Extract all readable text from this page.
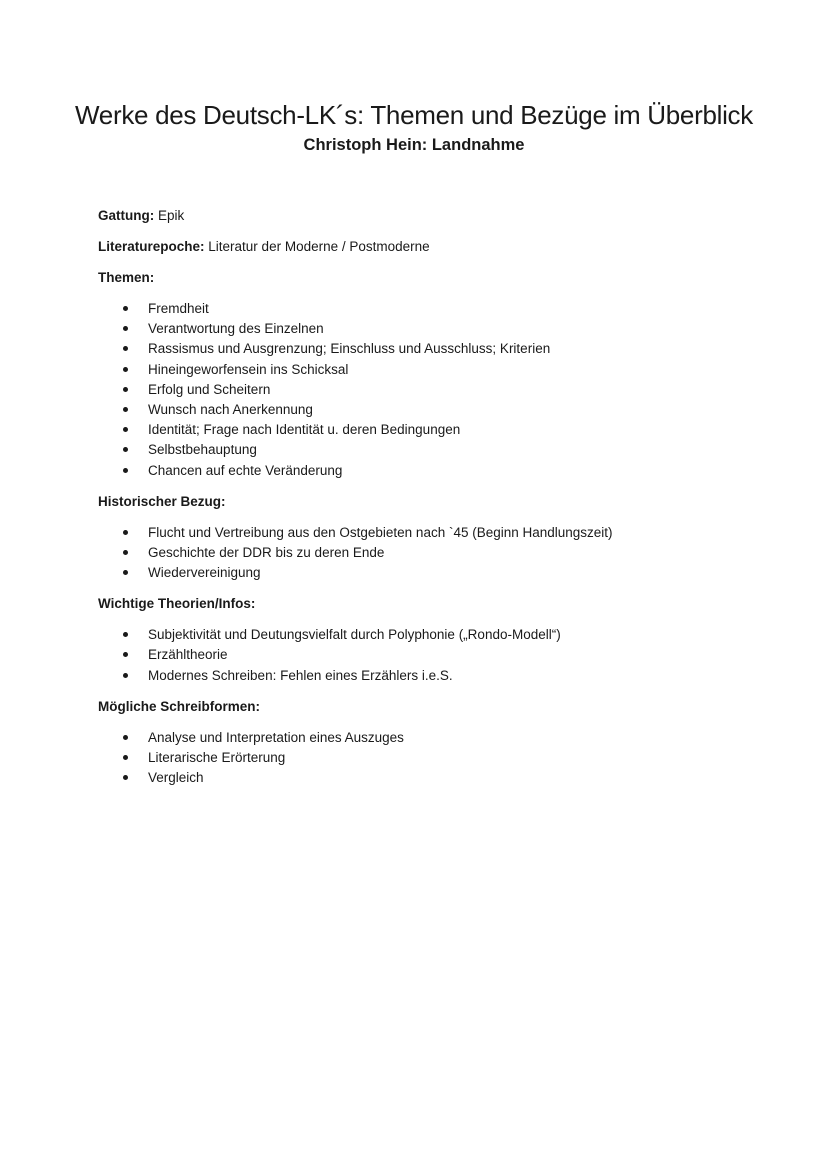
Werke des Deutsch-LK´s: Themen und Bezüge im Überblick
Christoph Hein: Landnahme

Gattung: Epik

Literaturepoche: Literatur der Moderne / Postmoderne

Themen:

Fremdheit
Verantwortung des Einzelnen
Rassismus und Ausgrenzung; Einschluss und Ausschluss; Kriterien
Hineingeworfensein ins Schicksal
Erfolg und Scheitern
Wunsch nach Anerkennung
Identität; Frage nach Identität u. deren Bedingungen
Selbstbehauptung
Chancen auf echte Veränderung

Historischer Bezug:

Flucht und Vertreibung aus den Ostgebieten nach `45 (Beginn Handlungszeit)
Geschichte der DDR bis zu deren Ende
Wiedervereinigung

Wichtige Theorien/Infos:

Subjektivität und Deutungsvielfalt durch Polyphonie („Rondo-Modell“)
Erzähltheorie
Modernes Schreiben: Fehlen eines Erzählers i.e.S.

Mögliche Schreibformen:

Analyse und Interpretation eines Auszuges
Literarische Erörterung
Vergleich
